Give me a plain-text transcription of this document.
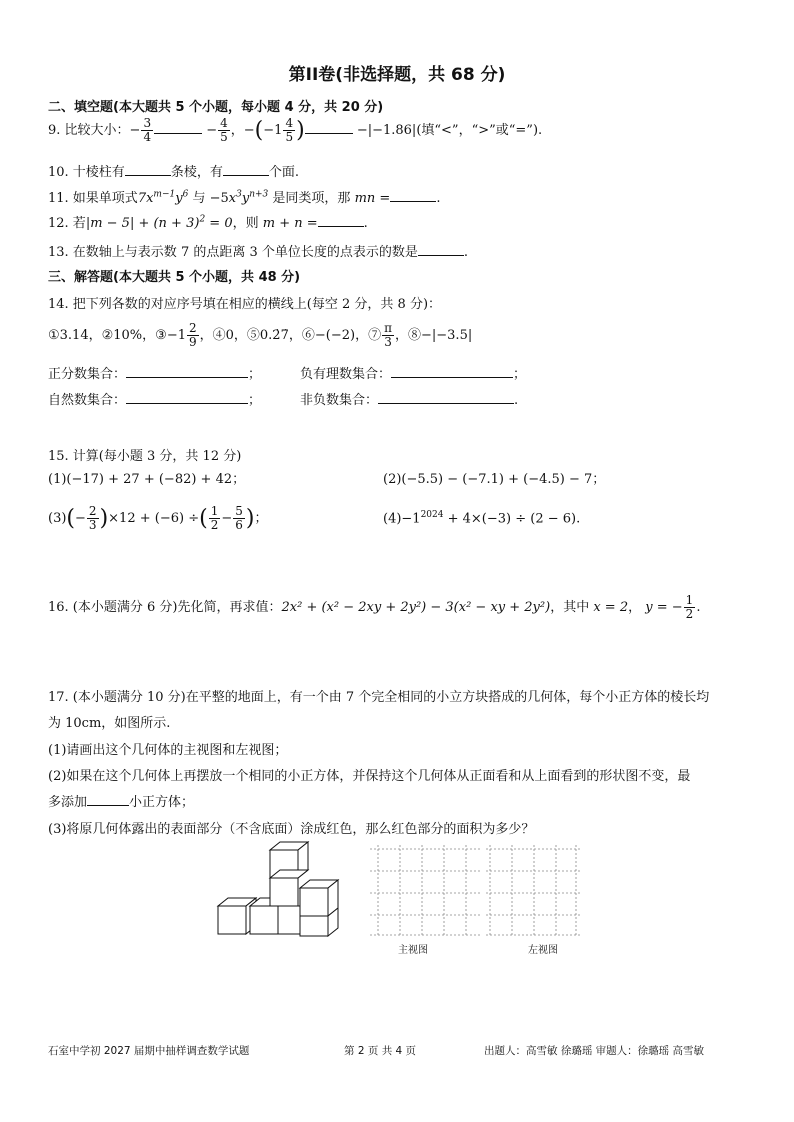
第II卷(非选择题，共 68 分)
二、填空题(本大题共 5 个小题，每小题 4 分，共 20 分)
9. 比较大小：− $\frac{3}{4}$	− $\frac{4}{5}$ ，$-(-1 \frac{4}{5}$ )	−|−1.86|(填“<”，“>”或“=”).
10. 十棱柱有	条棱，有	个面.
11. 如果单项式$7x^{m-1}y^6$ 与 $-5x^3y^{n+3}$ 是同类项，那 mn =	.
12. 若$|m - 5| + (n + 3)^2 = 0$，则 m + n =	.
13. 在数轴上与表示数 7 的点距离 3 个单位长度的点表示的数是	.
三、解答题(本大题共 5 个小题，共 48 分)
14. 把下列各数的对应序号填在相应的横线上(每空 2 分，共 8 分)：
①3.14，②10%，③−1 $\frac{2}{9}$ ，④0，⑤0.2̇7̇，⑥−(−2)，⑦ $\frac{\pi}{3}$ ，⑧−|−3.5|
正分数集合：	；	负有理数集合：	；
自然数集合：	；	非负数集合：	.
15. 计算(每小题 3 分，共 12 分)
(1)(−17) + 27 + (−82) + 42；	(2)(−5.5) − (−7.1) + (−4.5) − 7；
$(3)(- \frac{2}{3} )\times 12 + (-6)$ ÷( $\frac{1}{2} - \frac{5}{6}$ )；	$(4)-1^{2024} + 4\times(-3) \div (2 - 6)$.
16. (本小题满分 6 分)先化简，再求值：2x² + (x² − 2xy + 2y²) − 3(x² − xy + 2y²)，其中 x = 2， y = − $\frac{1}{2}$ .
17. (本小题满分 10 分)在平整的地面上，有一个由 7 个完全相同的小立方块搭成的几何体，每个小正方体的棱长均
为 10cm，如图所示.
(1)请画出这个几何体的主视图和左视图；
(2)如果在这个几何体上再摆放一个相同的小正方体，并保持这个几何体从正面看和从上面看到的形状图不变，最
多添加	小正方体；
(3)将原几何体露出的表面部分（不含底面）涂成红色，那么红色部分的面积为多少？
主视图	左视图
石室中学初 2027 届期中抽样调查数学试题	第 2 页 共 4 页	出题人：高雪敏 徐璐瑶 审题人：徐璐瑶 高雪敏
